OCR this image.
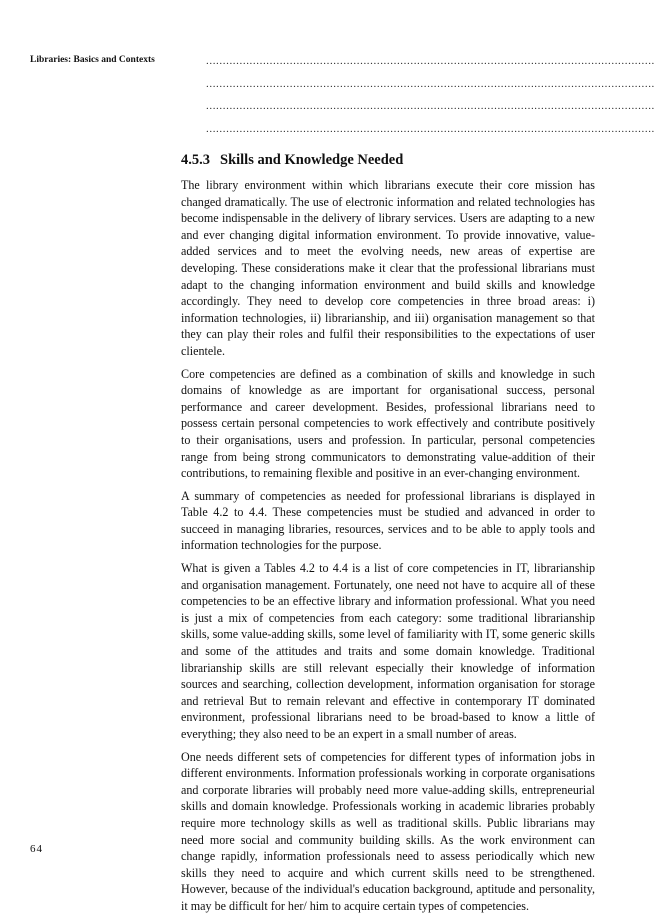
Libraries: Basics and Contexts	......................................................................................................................................
......................................................................................................................................
......................................................................................................................................
......................................................................................................................................
4.5.3 Skills and Knowledge Needed

The library environment within which librarians execute their core mission has changed dramatically. The use of electronic information and related technologies has become indispensable in the delivery of library services. Users are adapting to a new and ever changing digital information environment. To provide innovative, value-added services and to meet the evolving needs, new areas of expertise are developing. These considerations make it clear that the professional librarians must adapt to the changing information environment and build skills and knowledge accordingly. They need to develop core competencies in three broad areas: i) information technologies, ii) librarianship, and iii) organisation management so that they can play their roles and fulfil their responsibilities to the expectations of user clientele.

Core competencies are defined as a combination of skills and knowledge in such domains of knowledge as are important for organisational success, personal performance and career development. Besides, professional librarians need to possess certain personal competencies to work effectively and contribute positively to their organisations, users and profession. In particular, personal competencies range from being strong communicators to demonstrating value-addition of their contributions, to remaining flexible and positive in an ever-changing environment.

A summary of competencies as needed for professional librarians is displayed in Table 4.2 to 4.4. These competencies must be studied and advanced in order to succeed in managing libraries, resources, services and to be able to apply tools and information technologies for the purpose.

What is given a Tables 4.2 to 4.4 is a list of core competencies in IT, librarianship and organisation management. Fortunately, one need not have to acquire all of these competencies to be an effective library and information professional. What you need is just a mix of competencies from each category: some traditional librarianship skills, some value-adding skills, some level of familiarity with IT, some generic skills and some of the attitudes and traits and some domain knowledge. Traditional librarianship skills are still relevant especially their knowledge of information sources and searching, collection development, information organisation for storage and retrieval But to remain relevant and effective in contemporary IT dominated environment, professional librarians need to be broad-based to know a little of everything; they also need to be an expert in a small number of areas.

One needs different sets of competencies for different types of information jobs in different environments. Information professionals working in corporate organisations and corporate libraries will probably need more value-adding skills, entrepreneurial skills and domain knowledge. Professionals working in academic libraries probably require more technology skills as well as traditional skills. Public librarians may need more social and community building skills. As the work environment can change rapidly, information professionals need to assess periodically which new skills they need to acquire and which current skills need to be strengthened. However, because of the individual's education background, aptitude and personality, it may be difficult for her/ him to acquire certain types of competencies.

64
